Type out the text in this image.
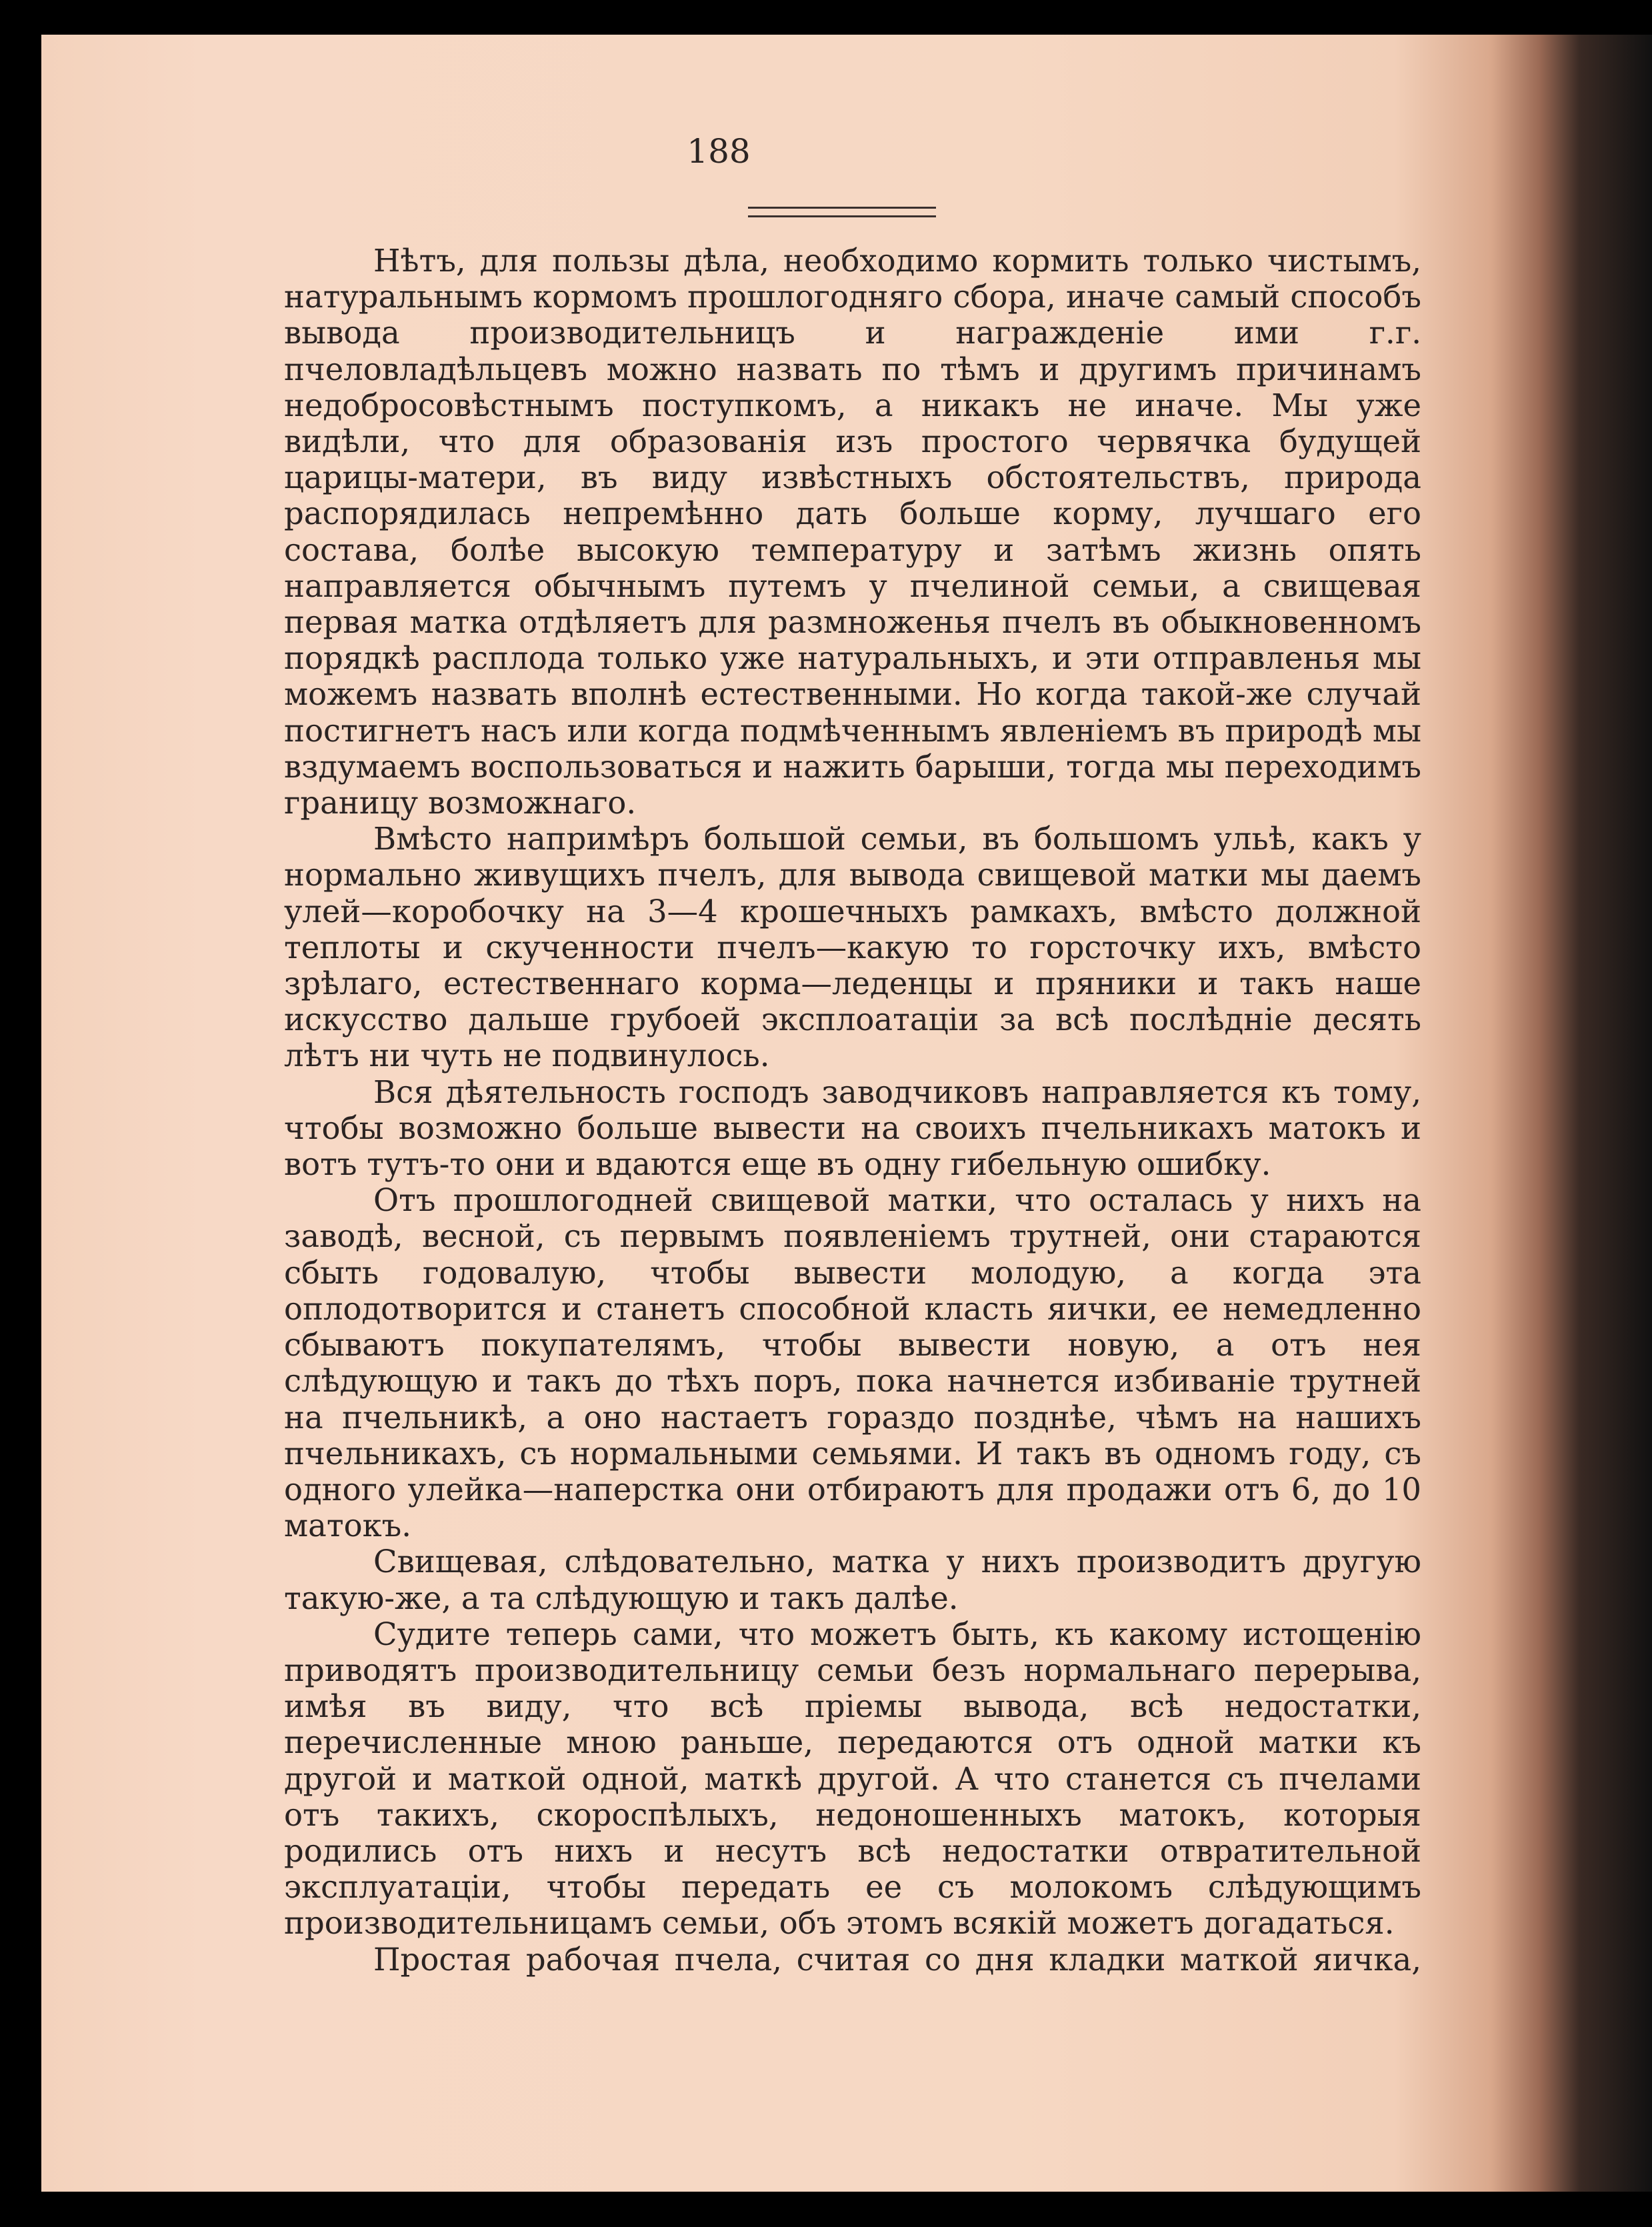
188

Нѣтъ, для пользы дѣла, необходимо кормить только чистымъ, натуральнымъ кормомъ прошлогодняго сбора, иначе самый способъ вывода производительницъ и награжденіе ими г.г. пчеловладѣльцевъ можно назвать по тѣмъ и другимъ причинамъ недобросовѣстнымъ поступкомъ, а никакъ не иначе. Мы уже видѣли, что для образованія изъ простого червячка будущей царицы-матери, въ виду извѣстныхъ обстоятельствъ, природа распорядилась непремѣнно дать больше корму, лучшаго его состава, болѣе высокую температуру и затѣмъ жизнь опять направляется обычнымъ путемъ у пчелиной семьи, а свищевая первая матка отдѣляетъ для размноженья пчелъ въ обыкновенномъ порядкѣ расплода только уже натуральныхъ, и эти отправленья мы можемъ назвать вполнѣ естественными. Но когда такой-же случай постигнетъ насъ или когда подмѣченнымъ явленіемъ въ природѣ мы вздумаемъ воспользоваться и нажить барыши, тогда мы переходимъ границу возможнаго.

Вмѣсто напримѣръ большой семьи, въ большомъ ульѣ, какъ у нормально живущихъ пчелъ, для вывода свищевой матки мы даемъ улей—коробочку на 3—4 крошечныхъ рамкахъ, вмѣсто должной теплоты и скученности пчелъ—какую то горсточку ихъ, вмѣсто зрѣлаго, естественнаго корма—леденцы и пряники и такъ наше искусство дальше грубоей эксплоатаціи за всѣ послѣдніе десять лѣтъ ни чуть не подвинулось.

Вся дѣятельность господъ заводчиковъ направляется къ тому, чтобы возможно больше вывести на своихъ пчельникахъ матокъ и вотъ тутъ-то они и вдаются еще въ одну гибельную ошибку.

Отъ прошлогодней свищевой матки, что осталась у нихъ на заводѣ, весной, съ первымъ появленіемъ трутней, они стараются сбыть годовалую, чтобы вывести молодую, а когда эта оплодотворится и станетъ способной класть яички, ее немедленно сбываютъ покупателямъ, чтобы вывести новую, а отъ нея слѣдующую и такъ до тѣхъ поръ, пока начнется избиваніе трутней на пчельникѣ, а оно настаетъ гораздо позднѣе, чѣмъ на нашихъ пчельникахъ, съ нормальными семьями. И такъ въ одномъ году, съ одного улейка—наперстка они отбираютъ для продажи отъ 6, до 10 матокъ.

Свищевая, слѣдовательно, матка у нихъ производитъ другую такую-же, а та слѣдующую и такъ далѣе.

Судите теперь сами, что можетъ быть, къ какому истощенію приводятъ производительницу семьи безъ нормальнаго перерыва, имѣя въ виду, что всѣ пріемы вывода, всѣ недостатки, перечисленные мною раньше, передаются отъ одной матки къ другой и маткой одной, маткѣ другой. А что станется съ пчелами отъ такихъ, скороспѣлыхъ, недоношенныхъ матокъ, которыя родились отъ нихъ и несутъ всѣ недостатки отвратительной эксплуатаціи, чтобы передать ее съ молокомъ слѣдующимъ производительницамъ семьи, объ этомъ всякій можетъ догадаться.

Простая рабочая пчела, считая со дня кладки маткой яичка,
